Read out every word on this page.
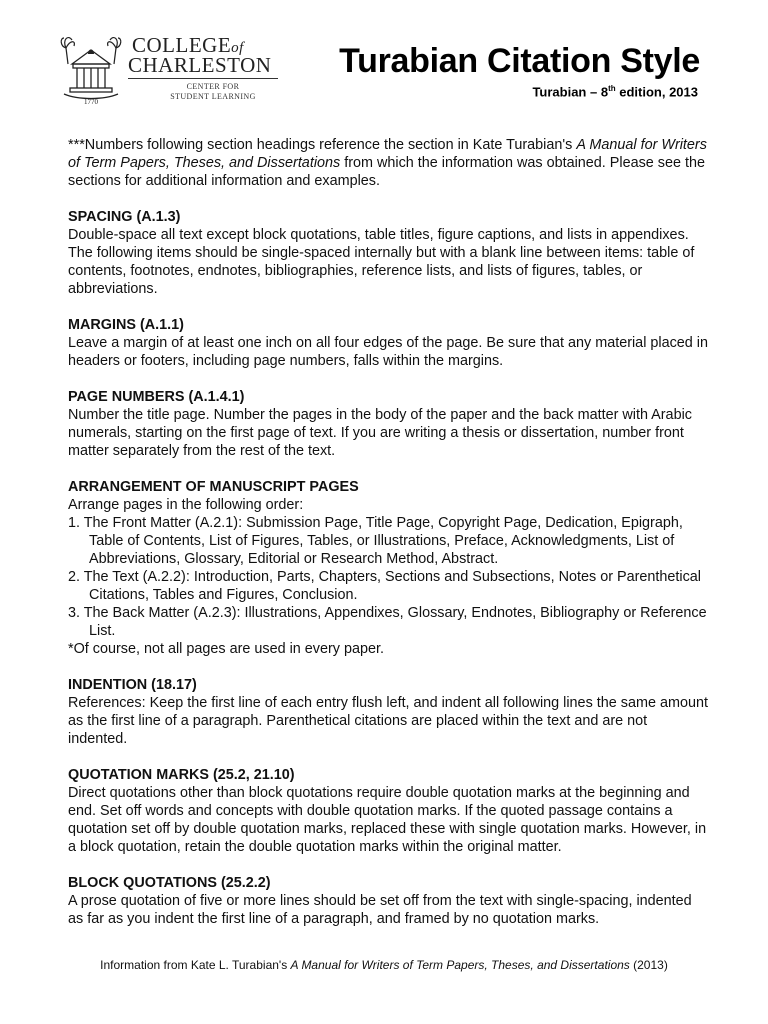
1770
COLLEGEof
CHARLESTON
CENTER FOR
STUDENT LEARNING
Turabian Citation Style
Turabian – 8th edition, 2013

***Numbers following section headings reference the section in Kate Turabian's A Manual for Writers of Term Papers, Theses, and Dissertations from which the information was obtained. Please see the sections for additional information and examples.

SPACING (A.1.3)

Double-space all text except block quotations, table titles, figure captions, and lists in appendixes. The following items should be single-spaced internally but with a blank line between items: table of contents, footnotes, endnotes, bibliographies, reference lists, and lists of figures, tables, or abbreviations.

MARGINS (A.1.1)

Leave a margin of at least one inch on all four edges of the page. Be sure that any material placed in headers or footers, including page numbers, falls within the margins.

PAGE NUMBERS (A.1.4.1)

Number the title page. Number the pages in the body of the paper and the back matter with Arabic numerals, starting on the first page of text. If you are writing a thesis or dissertation, number front matter separately from the rest of the text.

ARRANGEMENT OF MANUSCRIPT PAGES

Arrange pages in the following order:

1. The Front Matter (A.2.1): Submission Page, Title Page, Copyright Page, Dedication, Epigraph, Table of Contents, List of Figures, Tables, or Illustrations, Preface, Acknowledgments, List of Abbreviations, Glossary, Editorial or Research Method, Abstract.

2. The Text (A.2.2): Introduction, Parts, Chapters, Sections and Subsections, Notes or Parenthetical Citations, Tables and Figures, Conclusion.

3. The Back Matter (A.2.3): Illustrations, Appendixes, Glossary, Endnotes, Bibliography or Reference List.

*Of course, not all pages are used in every paper.

INDENTION (18.17)

References: Keep the first line of each entry flush left, and indent all following lines the same amount as the first line of a paragraph. Parenthetical citations are placed within the text and are not indented.

QUOTATION MARKS (25.2, 21.10)

Direct quotations other than block quotations require double quotation marks at the beginning and end. Set off words and concepts with double quotation marks. If the quoted passage contains a quotation set off by double quotation marks, replaced these with single quotation marks. However, in a block quotation, retain the double quotation marks within the original matter.

BLOCK QUOTATIONS (25.2.2)

A prose quotation of five or more lines should be set off from the text with single-spacing, indented as far as you indent the first line of a paragraph, and framed by no quotation marks.

Information from Kate L. Turabian's A Manual for Writers of Term Papers, Theses, and Dissertations (2013)
